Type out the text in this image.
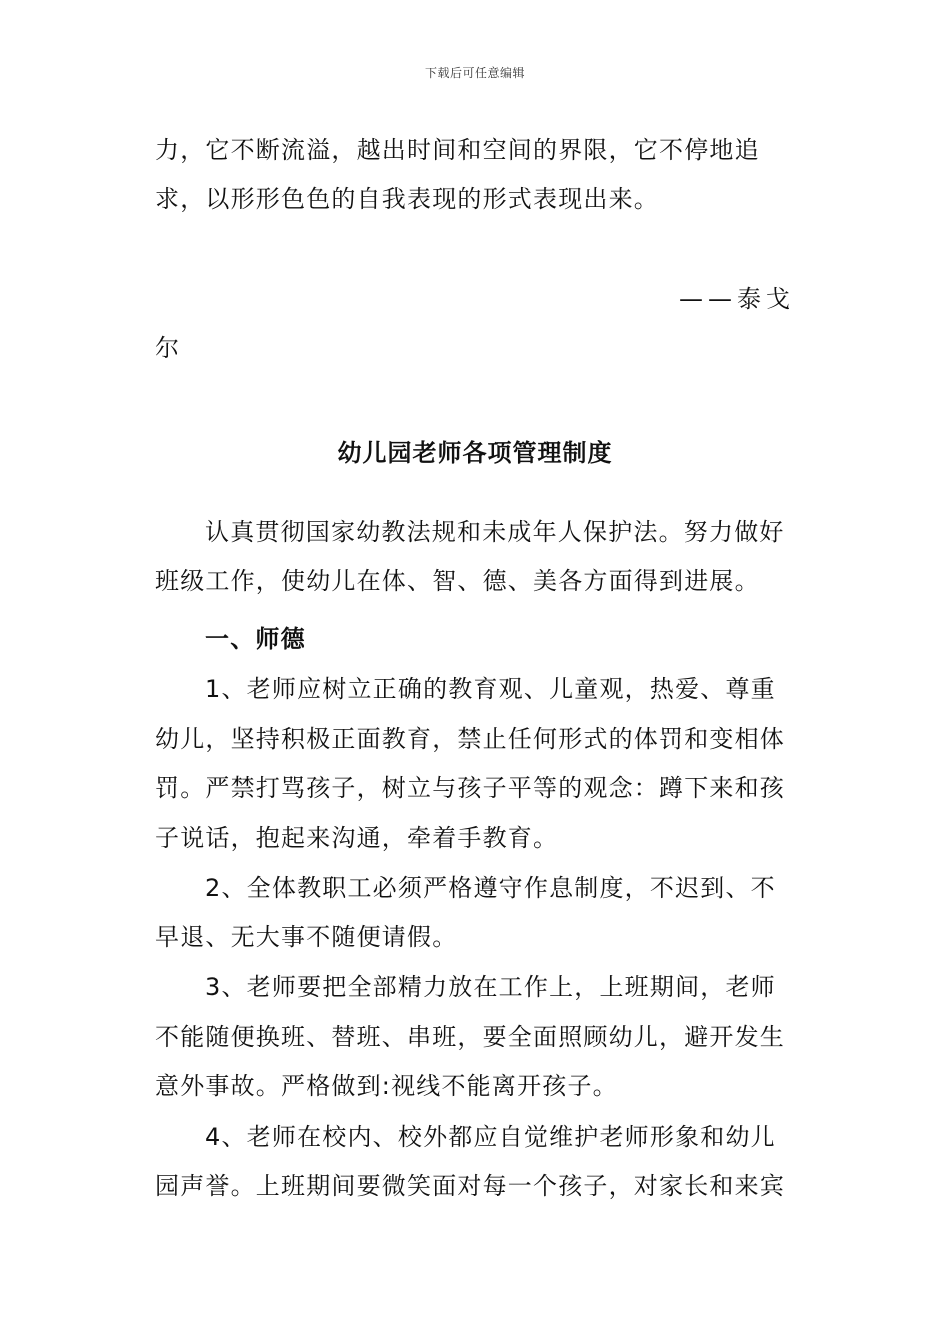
下载后可任意编辑
力，它不断流溢，越出时间和空间的界限，它不停地追
求，以形形色色的自我表现的形式表现出来。
——泰戈
尔
幼儿园老师各项管理制度
认真贯彻国家幼教法规和未成年人保护法。努力做好
班级工作，使幼儿在体、智、德、美各方面得到进展。
一、师德
1、老师应树立正确的教育观、儿童观，热爱、尊重
幼儿，坚持积极正面教育，禁止任何形式的体罚和变相体
罚。严禁打骂孩子，树立与孩子平等的观念：蹲下来和孩
子说话，抱起来沟通，牵着手教育。
2、全体教职工必须严格遵守作息制度，不迟到、不
早退、无大事不随便请假。
3、老师要把全部精力放在工作上，上班期间，老师
不能随便换班、替班、串班，要全面照顾幼儿，避开发生
意外事故。严格做到:视线不能离开孩子。
4、老师在校内、校外都应自觉维护老师形象和幼儿
园声誉。上班期间要微笑面对每一个孩子，对家长和来宾
